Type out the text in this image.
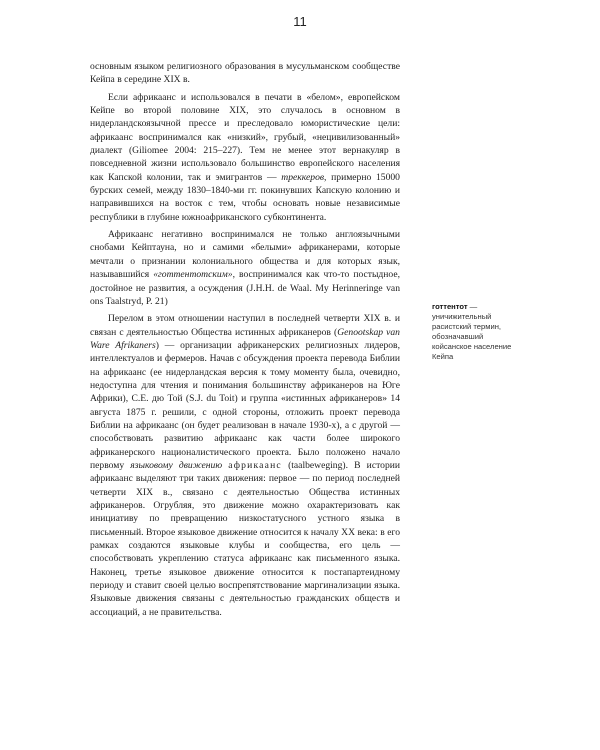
11

основным языком религиозного образования в мусульманском сообществе Кейпа в середине XIX в.

Если африкаанс и использовался в печати в «белом», европейском Кейпе во второй половине XIX, это случалось в основном в нидерландскоязычной прессе и преследовало юмористические цели: африкаанс воспринимался как «низкий», грубый, «нецивилизованный» диалект (Giliomee 2004: 215–227). Тем не менее этот вернакуляр в повседневной жизни использовало большинство европейского населения как Капской колонии, так и эмигрантов — треккеров, примерно 15000 бурских семей, между 1830–1840-ми гг. покинувших Капскую колонию и направившихся на восток с тем, чтобы основать новые независимые республики в глубине южноафриканского субконтинента.

Африкаанс негативно воспринимался не только англоязычными снобами Кейптауна, но и самими «белыми» африканерами, которые мечтали о признании колониального общества и для которых язык, называвшийся «готтентотским», воспринимался как что-то постыдное, достойное не развития, а осуждения (J.H.H. de Waal. My Herinneringe van ons Taalstryd, P. 21)

Перелом в этом отношении наступил в последней четверти XIX в. и связан с деятельностью Общества истинных африканеров (Genootskap van Ware Afrikaners) — организации африканерских религиозных лидеров, интеллектуалов и фермеров. Начав с обсуждения проекта перевода Библии на африкаанс (ее нидерландская версия к тому моменту была, очевидно, недоступна для чтения и понимания большинству африканеров на Юге Африки), C.E. дю Той (S.J. du Toit) и группа «истинных африканеров» 14 августа 1875 г. решили, с одной стороны, отложить проект перевода Библии на африкаанс (он будет реализован в начале 1930-х), а с другой — способствовать развитию африкаанс как части более широкого африканерского националистического проекта. Было положено начало первому языковому движению африкаанс (taalbeweging). В истории африкаанс выделяют три таких движения: первое — по период последней четверти XIX в., связано с деятельностью Общества истинных африканеров. Огрубляя, это движение можно охарактеризовать как инициативу по превращению низкостатусного устного языка в письменный. Второе языковое движение относится к началу XX века: в его рамках создаются языковые клубы и сообщества, его цель — способствовать укреплению статуса африкаанс как письменного языка. Наконец, третье языковое движение относится к постапартеидному периоду и ставит своей целью воспрепятствование маргинализации языка. Языковые движения связаны с деятельностью гражданских обществ и ассоциаций, а не правительства.

готтентот — уничижительный расистский термин, обозначавший койсанское население Кейпа
